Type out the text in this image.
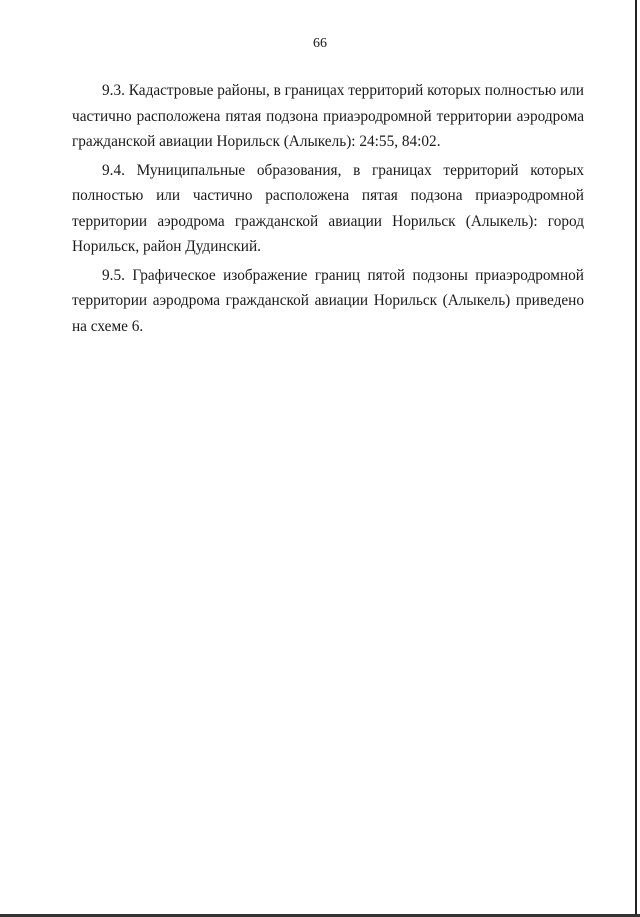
66

9.3. Кадастровые районы, в границах территорий которых полностью или частично расположена пятая подзона приаэродромной территории аэродрома гражданской авиации Норильск (Алыкель): 24:55, 84:02.

9.4. Муниципальные образования, в границах территорий которых полностью или частично расположена пятая подзона приаэродромной территории аэродрома гражданской авиации Норильск (Алыкель): город Норильск, район Дудинский.

9.5. Графическое изображение границ пятой подзоны приаэродромной территории аэродрома гражданской авиации Норильск (Алыкель) приведено на схеме 6.
